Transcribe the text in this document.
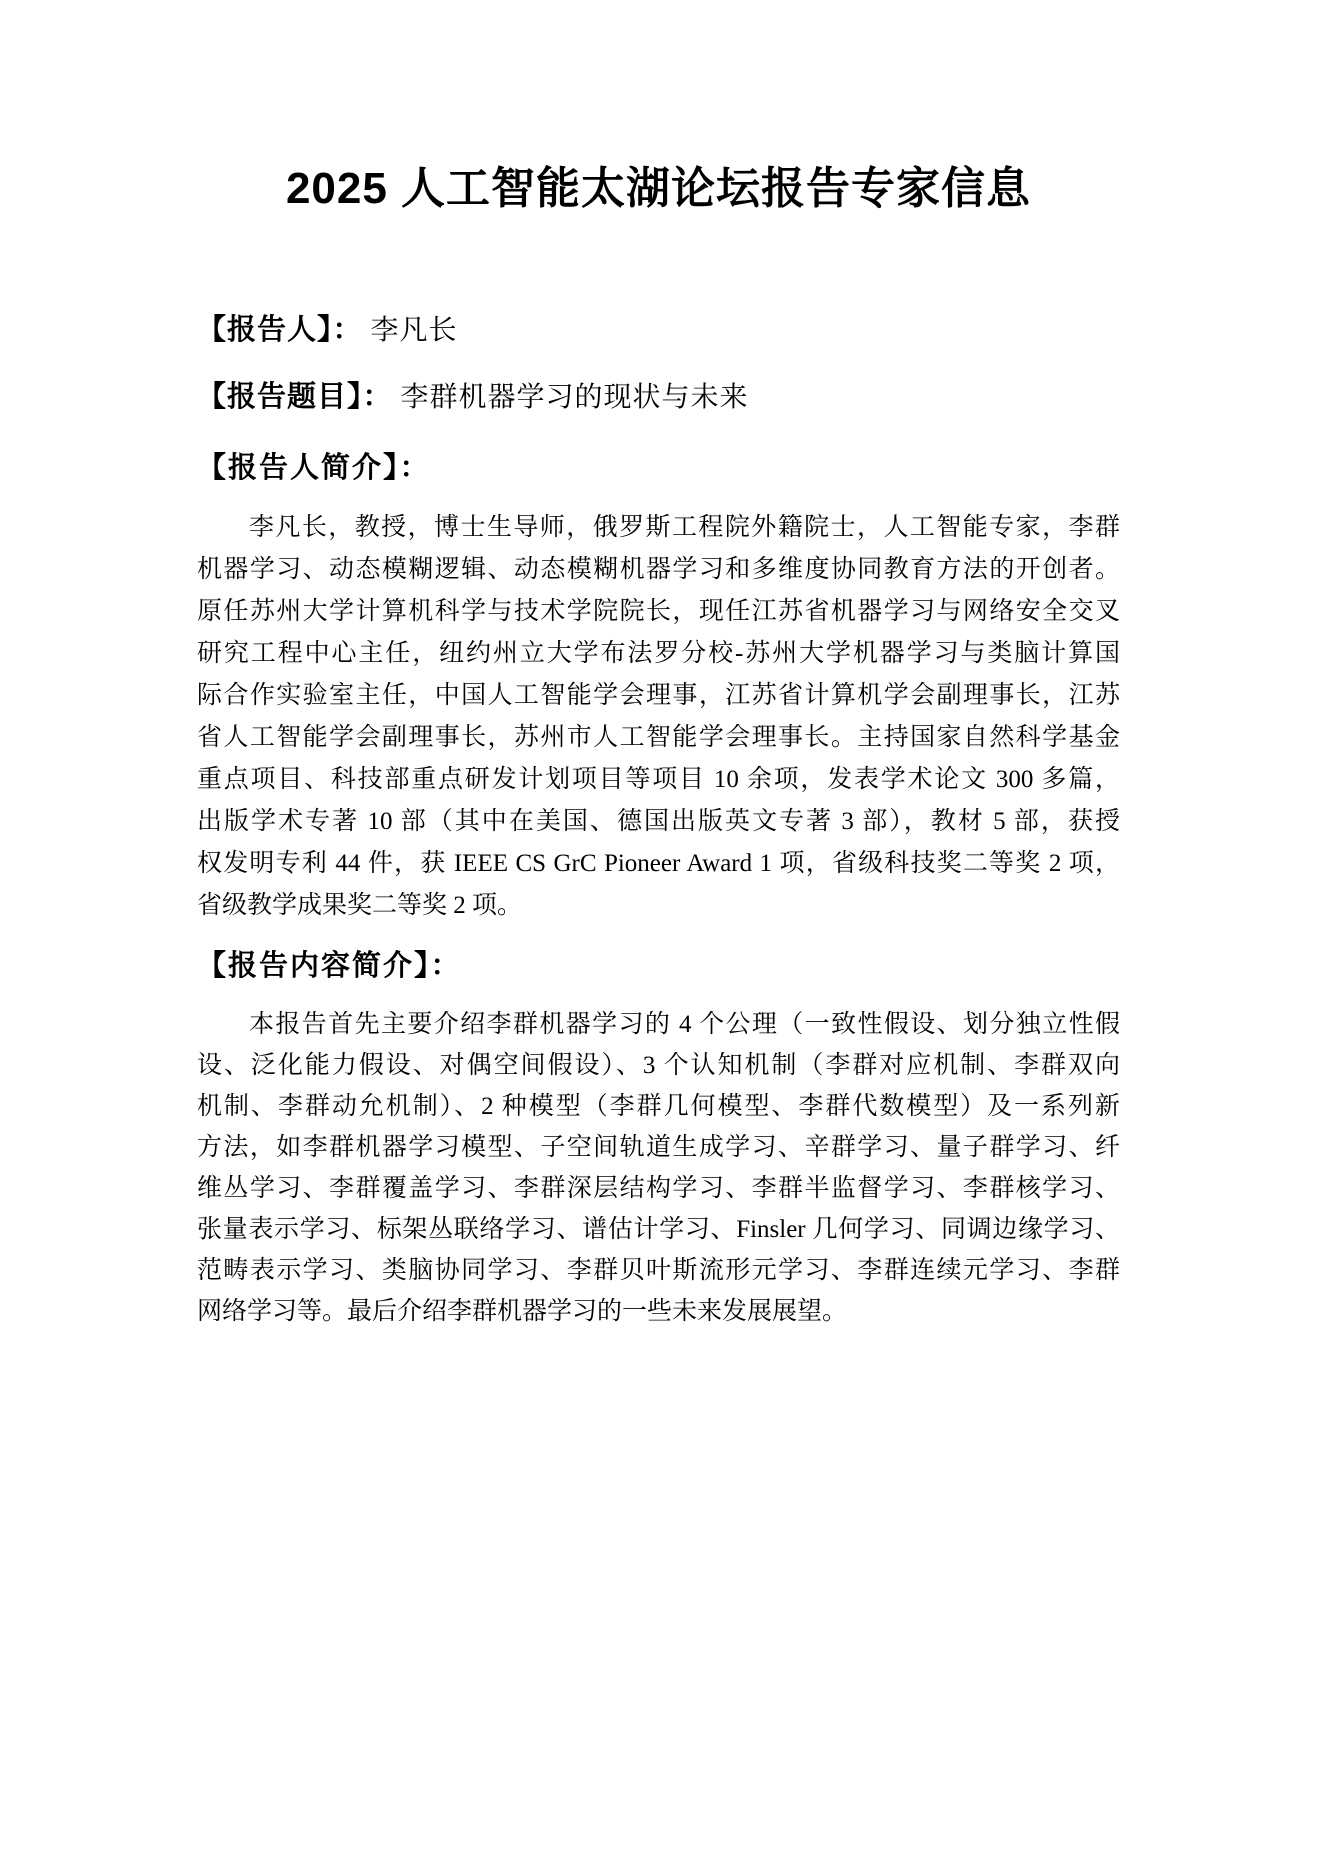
2025 人工智能太湖论坛报告专家信息
【报告人】： 李凡长
【报告题目】： 李群机器学习的现状与未来
【报告人简介】：
李凡长，教授，博士生导师，俄罗斯工程院外籍院士，人工智能专家，李群
机器学习、动态模糊逻辑、动态模糊机器学习和多维度协同教育方法的开创者。
原任苏州大学计算机科学与技术学院院长，现任江苏省机器学习与网络安全交叉
研究工程中心主任，纽约州立大学布法罗分校-苏州大学机器学习与类脑计算国
际合作实验室主任，中国人工智能学会理事，江苏省计算机学会副理事长，江苏
省人工智能学会副理事长，苏州市人工智能学会理事长。主持国家自然科学基金
重点项目、科技部重点研发计划项目等项目 10 余项，发表学术论文 300 多篇，
出版学术专著 10 部（其中在美国、德国出版英文专著 3 部），教材 5 部，获授
权发明专利 44 件，获 IEEE CS GrC Pioneer Award 1 项，省级科技奖二等奖 2 项，
省级教学成果奖二等奖 2 项。
【报告内容简介】：
本报告首先主要介绍李群机器学习的 4 个公理（一致性假设、划分独立性假
设、泛化能力假设、对偶空间假设）、3 个认知机制（李群对应机制、李群双向
机制、李群动允机制）、2 种模型（李群几何模型、李群代数模型）及一系列新
方法，如李群机器学习模型、子空间轨道生成学习、辛群学习、量子群学习、纤
维丛学习、李群覆盖学习、李群深层结构学习、李群半监督学习、李群核学习、
张量表示学习、标架丛联络学习、谱估计学习、Finsler 几何学习、同调边缘学习、
范畴表示学习、类脑协同学习、李群贝叶斯流形元学习、李群连续元学习、李群
网络学习等。最后介绍李群机器学习的一些未来发展展望。
